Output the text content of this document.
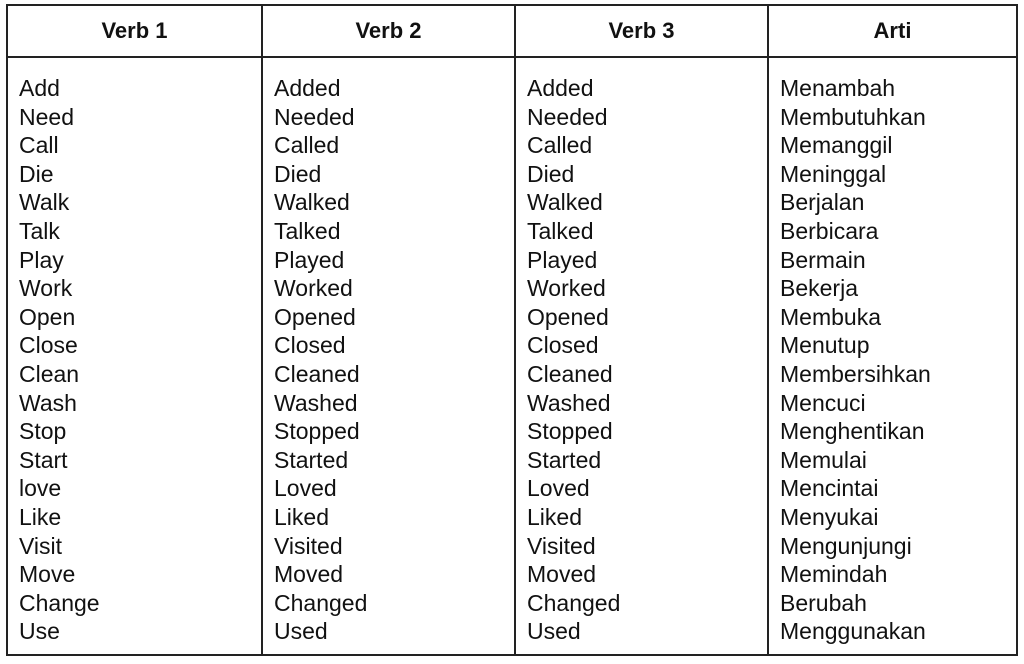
Verb 1
Add
Need
Call
Die
Walk
Talk
Play
Work
Open
Close
Clean
Wash
Stop
Start
love
Like
Visit
Move
Change
Use
Verb 2
Added
Needed
Called
Died
Walked
Talked
Played
Worked
Opened
Closed
Cleaned
Washed
Stopped
Started
Loved
Liked
Visited
Moved
Changed
Used
Verb 3
Added
Needed
Called
Died
Walked
Talked
Played
Worked
Opened
Closed
Cleaned
Washed
Stopped
Started
Loved
Liked
Visited
Moved
Changed
Used
Arti
Menambah
Membutuhkan
Memanggil
Meninggal
Berjalan
Berbicara
Bermain
Bekerja
Membuka
Menutup
Membersihkan
Mencuci
Menghentikan
Memulai
Mencintai
Menyukai
Mengunjungi
Memindah
Berubah
Menggunakan
